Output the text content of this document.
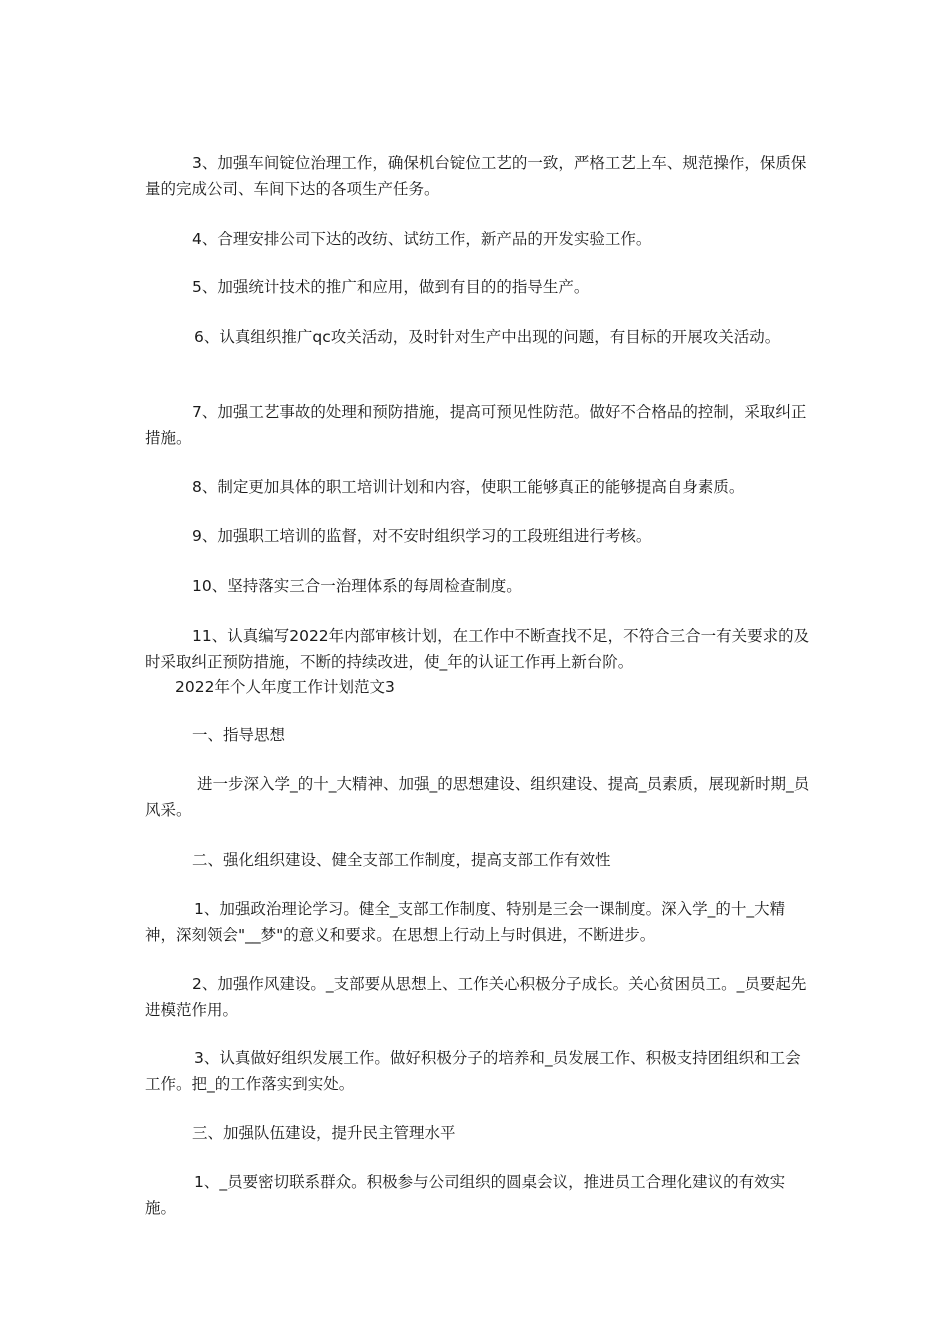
3、加强车间锭位治理工作，确保机台锭位工艺的一致，严格工艺上车、规范操作，保质保量的完成公司、车间下达的各项生产任务。

4、合理安排公司下达的改纺、试纺工作，新产品的开发实验工作。

5、加强统计技术的推广和应用，做到有目的的指导生产。

6、认真组织推广qc攻关活动，及时针对生产中出现的问题，有目标的开展攻关活动。

7、加强工艺事故的处理和预防措施，提高可预见性防范。做好不合格品的控制，采取纠正措施。

8、制定更加具体的职工培训计划和内容，使职工能够真正的能够提高自身素质。

9、加强职工培训的监督，对不安时组织学习的工段班组进行考核。

10、坚持落实三合一治理体系的每周检查制度。

11、认真编写2022年内部审核计划，在工作中不断查找不足，不符合三合一有关要求的及时采取纠正预防措施，不断的持续改进，使_年的认证工作再上新台阶。

2022年个人年度工作计划范文3

一、指导思想

进一步深入学_的十_大精神、加强_的思想建设、组织建设、提高_员素质，展现新时期_员风采。

二、强化组织建设、健全支部工作制度，提高支部工作有效性

1、加强政治理论学习。健全_支部工作制度、特别是三会一课制度。深入学_的十_大精神，深刻领会"__梦"的意义和要求。在思想上行动上与时俱进，不断进步。

2、加强作风建设。_支部要从思想上、工作关心积极分子成长。关心贫困员工。_员要起先进模范作用。

3、认真做好组织发展工作。做好积极分子的培养和_员发展工作、积极支持团组织和工会工作。把_的工作落实到实处。

三、加强队伍建设，提升民主管理水平

1、_员要密切联系群众。积极参与公司组织的圆桌会议，推进员工合理化建议的有效实施。
